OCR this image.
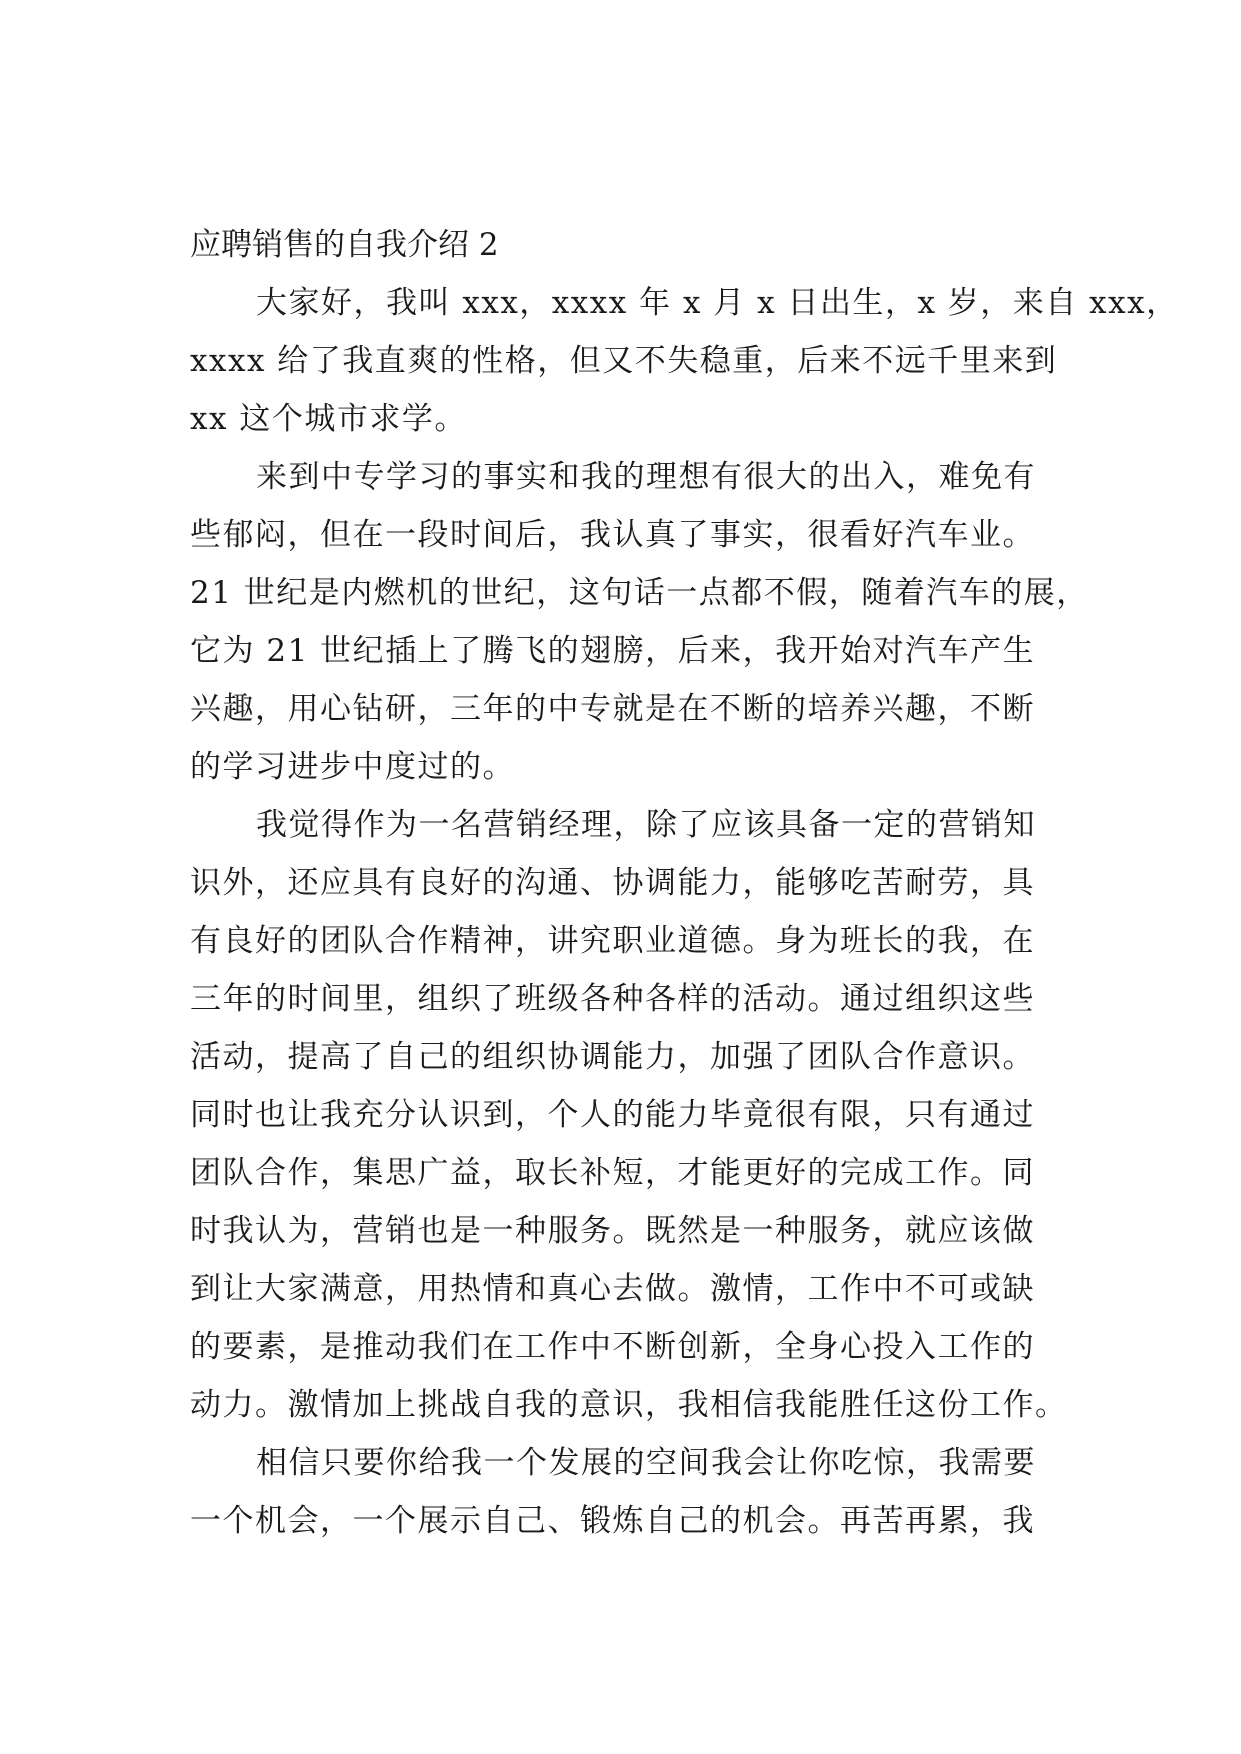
应聘销售的自我介绍 2

大家好，我叫 xxx，xxxx 年 x 月 x 日出生，x 岁，来自 xxx，

xxxx 给了我直爽的性格，但又不失稳重，后来不远千里来到

xx 这个城市求学。

来到中专学习的事实和我的理想有很大的出入，难免有

些郁闷，但在一段时间后，我认真了事实，很看好汽车业。

21 世纪是内燃机的世纪，这句话一点都不假，随着汽车的展，

它为 21 世纪插上了腾飞的翅膀，后来，我开始对汽车产生

兴趣，用心钻研，三年的中专就是在不断的培养兴趣，不断

的学习进步中度过的。

我觉得作为一名营销经理，除了应该具备一定的营销知

识外，还应具有良好的沟通、协调能力，能够吃苦耐劳，具

有良好的团队合作精神，讲究职业道德。身为班长的我，在

三年的时间里，组织了班级各种各样的活动。通过组织这些

活动，提高了自己的组织协调能力，加强了团队合作意识。

同时也让我充分认识到，个人的能力毕竟很有限，只有通过

团队合作，集思广益，取长补短，才能更好的完成工作。同

时我认为，营销也是一种服务。既然是一种服务，就应该做

到让大家满意，用热情和真心去做。激情，工作中不可或缺

的要素，是推动我们在工作中不断创新，全身心投入工作的

动力。激情加上挑战自我的意识，我相信我能胜任这份工作。

相信只要你给我一个发展的空间我会让你吃惊，我需要

一个机会，一个展示自己、锻炼自己的机会。再苦再累，我
